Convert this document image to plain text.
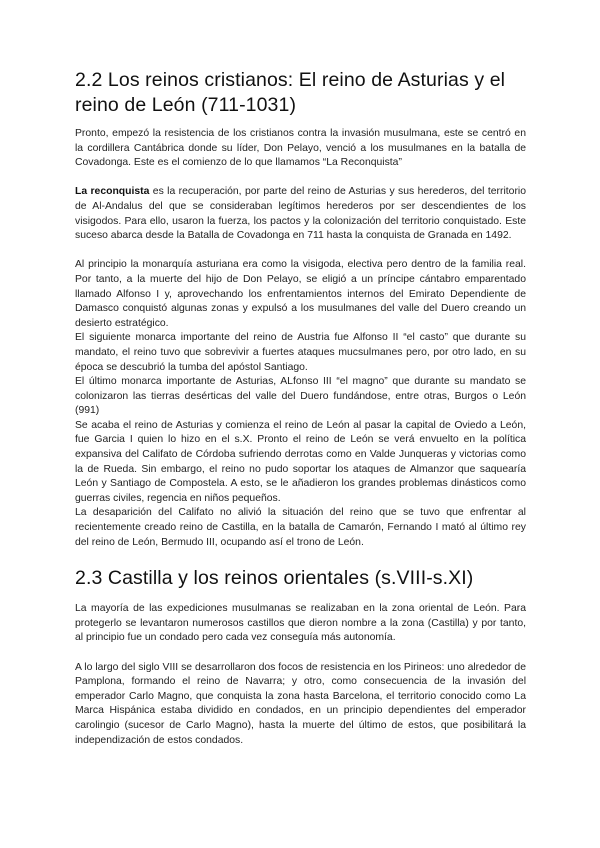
2.2 Los reinos cristianos: El reino de Asturias y el reino de León (711-1031)

Pronto, empezó la resistencia de los cristianos contra la invasión musulmana, este se centró en la cordillera Cantábrica donde su líder, Don Pelayo, venció a los musulmanes en la batalla de Covadonga. Este es el comienzo de lo que llamamos “La Reconquista”

La reconquista es la recuperación, por parte del reino de Asturias y sus herederos, del territorio de Al-Andalus del que se consideraban legítimos herederos por ser descendientes de los visigodos. Para ello, usaron la fuerza, los pactos y la colonización del territorio conquistado. Este suceso abarca desde la Batalla de Covadonga en 711 hasta la conquista de Granada en 1492.

Al principio la monarquía asturiana era como la visigoda, electiva pero dentro de la familia real. Por tanto, a la muerte del hijo de Don Pelayo, se eligió a un príncipe cántabro emparentado llamado Alfonso I y, aprovechando los enfrentamientos internos del Emirato Dependiente de Damasco conquistó algunas zonas y expulsó a los musulmanes del valle del Duero creando un desierto estratégico.

El siguiente monarca importante del reino de Austria fue Alfonso II “el casto” que durante su mandato, el reino tuvo que sobrevivir a fuertes ataques mucsulmanes pero, por otro lado, en su época se descubrió la tumba del apóstol Santiago.

El último monarca importante de Asturias, ALfonso III “el magno” que durante su mandato se colonizaron las tierras desérticas del valle del Duero fundándose, entre otras, Burgos o León (991)

Se acaba el reino de Asturias y comienza el reino de León al pasar la capital de Oviedo a León, fue Garcia I quien lo hizo en el s.X. Pronto el reino de León se verá envuelto en la política expansiva del Califato de Córdoba sufriendo derrotas como en Valde Junqueras y victorias como la de Rueda. Sin embargo, el reino no pudo soportar los ataques de Almanzor que saquearía León y Santiago de Compostela. A esto, se le añadieron los grandes problemas dinásticos como guerras civiles, regencia en niños pequeños.

La desaparición del Califato no alivió la situación del reino que se tuvo que enfrentar al recientemente creado reino de Castilla, en la batalla de Camarón, Fernando I mató al último rey del reino de León, Bermudo III, ocupando así el trono de León.

2.3 Castilla y los reinos orientales (s.VIII-s.XI)

La mayoría de las expediciones musulmanas se realizaban en la zona oriental de León. Para protegerlo se levantaron numerosos castillos que dieron nombre a la zona (Castilla) y por tanto, al principio fue un condado pero cada vez conseguía más autonomía.

A lo largo del siglo VIII se desarrollaron dos focos de resistencia en los Pirineos: uno alrededor de Pamplona, formando el reino de Navarra; y otro, como consecuencia de la invasión del emperador Carlo Magno, que conquista la zona hasta Barcelona, el territorio conocido como La Marca Hispánica estaba dividido en condados, en un principio dependientes del emperador carolingio (sucesor de Carlo Magno), hasta la muerte del último de estos, que posibilitará la independización de estos condados.
